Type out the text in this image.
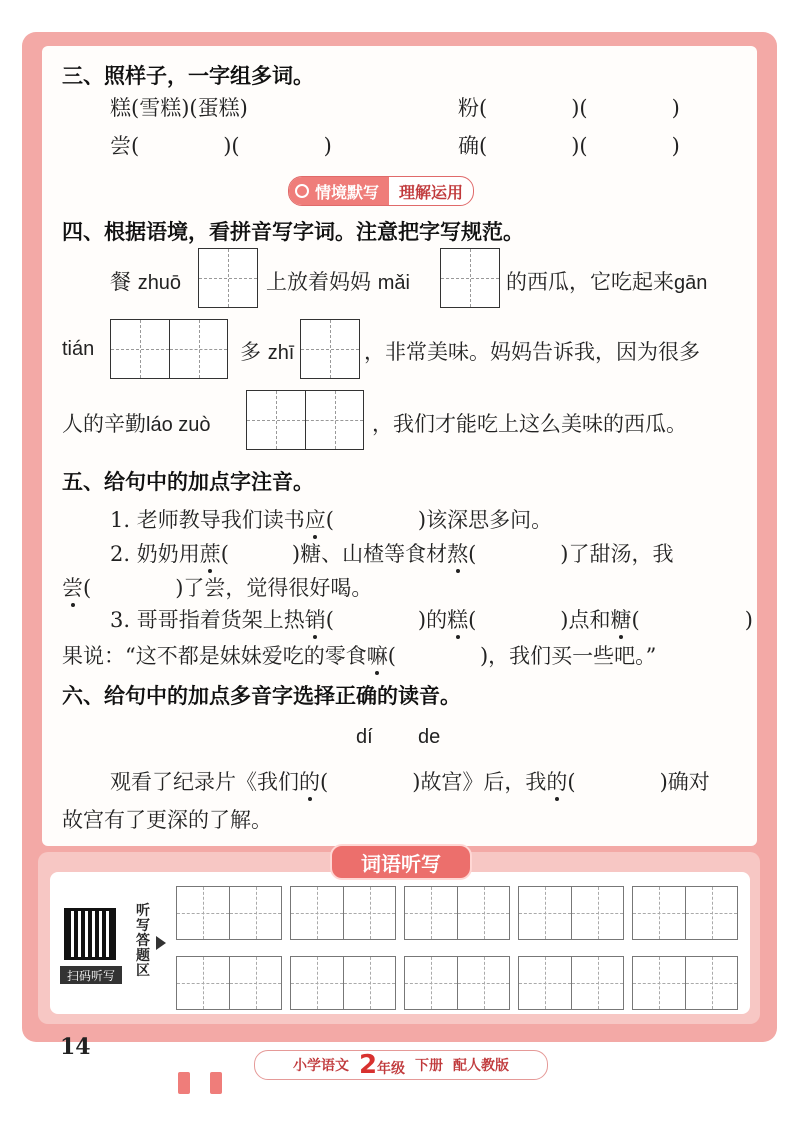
三、照样子，一字组多词。
糕(雪糕)(蛋糕)	粉(　　　　)(　　　　)
尝(　　　　)(　　　　)	确(　　　　)(　　　　)
情境默写	理解运用
四、根据语境，看拼音写字词。注意把字写规范。
餐 zhuō	上放着妈妈 mǎi	的西瓜，它吃起来gān
tián	多 zhī	，非常美味。妈妈告诉我，因为很多
人的辛勤láo zuò	，我们才能吃上这么美味的西瓜。
五、给句中的加点字注音。
1. 老师教导我们读书应(　　　　)该深思多问。
2. 奶奶用蔗(　　　)糖、山楂等食材熬(　　　　)了甜汤，我
尝(　　　　)了尝，觉得很好喝。
3. 哥哥指着货架上热销(　　　　)的糕(　　　　)点和糖(　　　　　)
果说：“这不都是妹妹爱吃的零食嘛(　　　　)，我们买一些吧。”
六、给句中的加点多音字选择正确的读音。
dí de
观看了纪录片《我们的(　　　　)故宫》后，我的(　　　　)确对
故宫有了更深的了解。
词语听写
扫码听写
听写答题区
14
小学语文 2年级 下册 配人教版
